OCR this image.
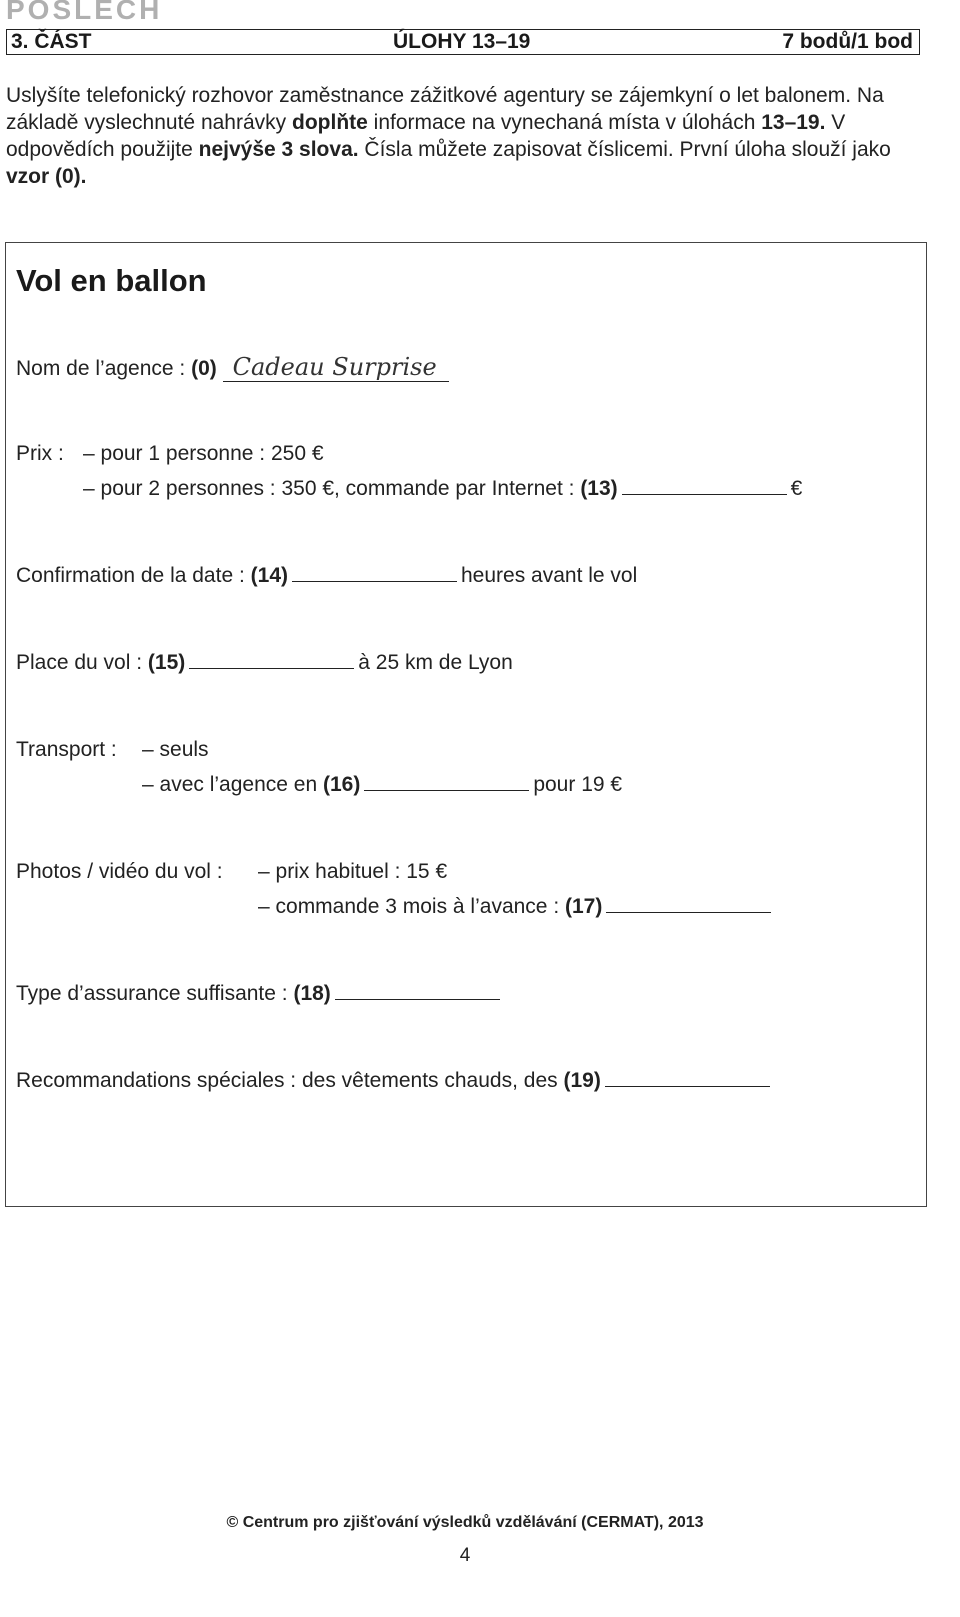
POSLECH
3. ČÁST	ÚLOHY 13–19	7 bodů/1 bod
Uslyšíte telefonický rozhovor zaměstnance zážitkové agentury se zájemkyní o let balonem. Na základě vyslechnuté nahrávky doplňte informace na vynechaná místa v úlohách 13–19. V odpovědích použijte nejvýše 3 slova. Čísla můžete zapisovat číslicemi. První úloha slouží jako vzor (0).
Vol en ballon
Nom de l’agence : (0) Cadeau Surprise
Prix : – pour 1 personne : 250 €
– pour 2 personnes : 350 €, commande par Internet : (13)	€
Confirmation de la date : (14)	heures avant le vol
Place du vol : (15)	à 25 km de Lyon
Transport : – seuls
– avec l’agence en (16)	pour 19 €
Photos / vidéo du vol : – prix habituel : 15 €
– commande 3 mois à l’avance : (17)
Type d’assurance suffisante : (18)
Recommandations spéciales : des vêtements chauds, des (19)
© Centrum pro zjišťování výsledků vzdělávání (CERMAT), 2013
4
